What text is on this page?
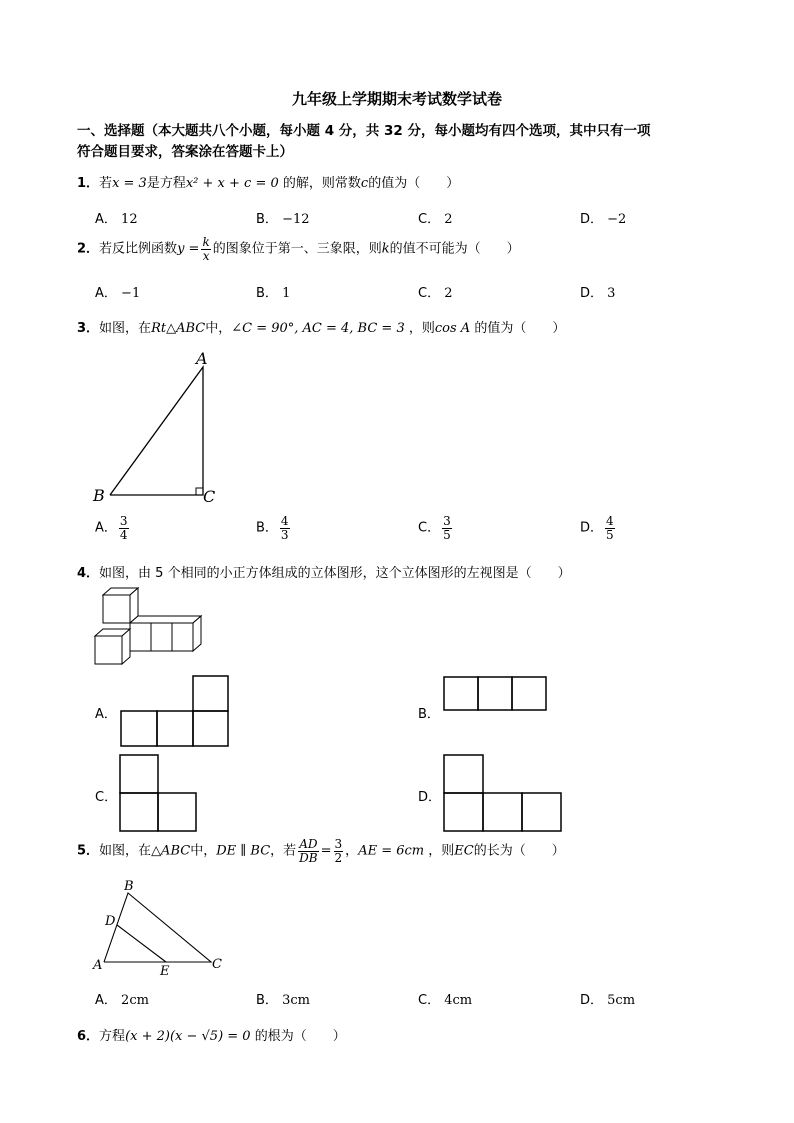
九年级上学期期末考试数学试卷
一、选择题（本大题共八个小题，每小题 4 分，共 32 分，每小题均有四个选项，其中只有一项
符合题目要求，答案涂在答题卡上）
1．若x = 3是方程x² + x + c = 0 的解，则常数c的值为（　　）
A． 12	B． −12	C． 2	D． −2
2．若反比例函数$y = \frac{k}{x}$ 的图象位于第一、三象限，则k的值不可能为（　　）
A． −1	B． 1	C． 2	D． 3
3．如图，在Rt△ABC中，∠C = 90°, AC = 4, BC = 3 ，则cos A 的值为（　　）
A
B	C
A． $\frac{3}{4}$	B． $\frac{4}{3}$	C． $\frac{3}{5}$	D． $\frac{4}{5}$
4．如图，由 5 个相同的小正方体组成的立体图形，这个立体图形的左视图是（　　）
A．	B．
C．	D．
5．如图，在△ABC中，DE ∥ BC，若 $\frac{AD}{DB} = \frac{3}{2}$ ，AE = 6cm ，则EC的长为（　　）
B
D
A	E	C
A． 2cm	B． 3cm	C． 4cm	D． 5cm
6．方程(x + 2)(x − √5) = 0 的根为（　　）
